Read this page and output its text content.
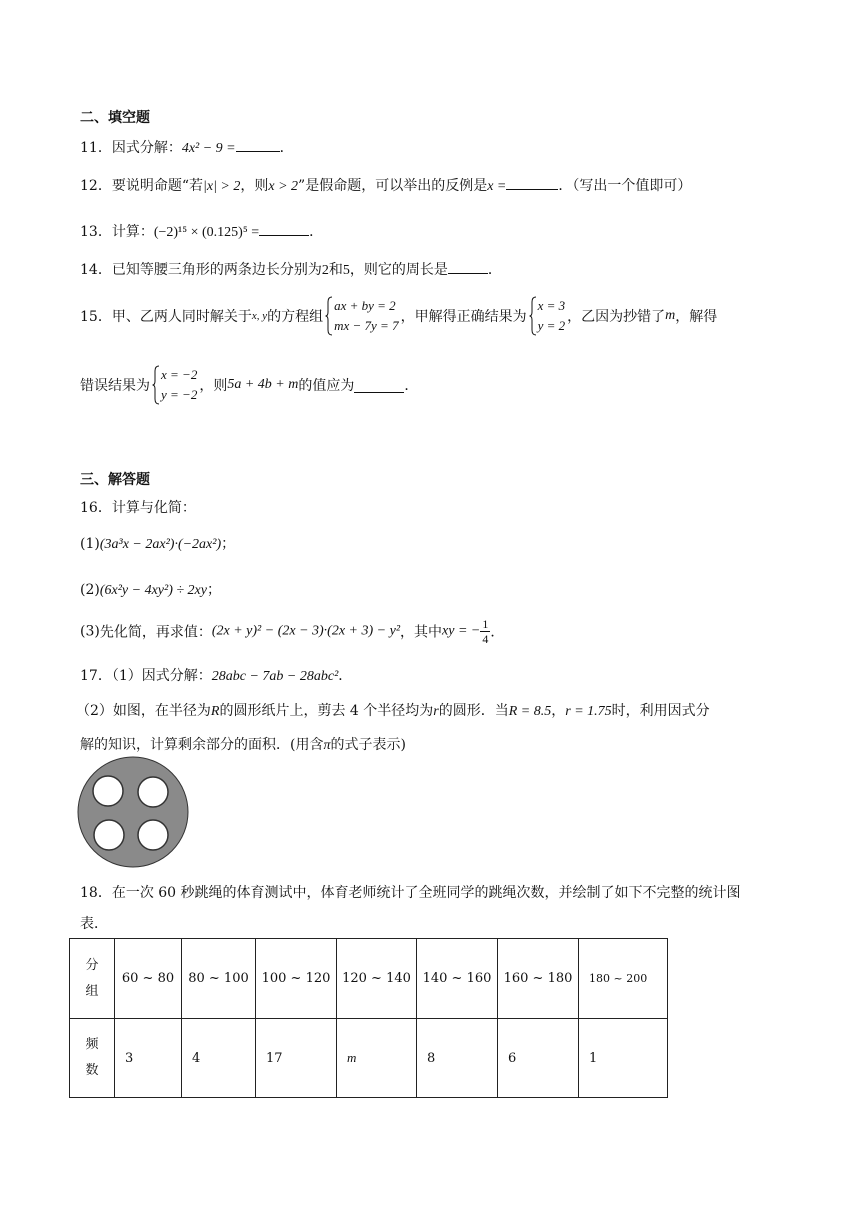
二、填空题
11．因式分解：4x² − 9 =	．
12．要说明命题“若|x| > 2，则x > 2”是假命题，可以举出的反例是x =	．（写出一个值即可）
13．计算：(−2)¹⁵ × (0.125)⁵ =	．
14．已知等腰三角形的两条边长分别为2和5，则它的周长是	．
15．甲、乙两人同时解关于x, y的方程组
ax + by = 2
mx − 7y = 7
，甲解得正确结果为
x = 3
y = 2
，乙因为抄错了m，解得
错误结果为
x = −2
y = −2
，则5a + 4b + m的值应为	．
三、解答题
16．计算与化简：
(1)(3a³x − 2ax²)·(−2ax²)；
(2)(6x²y − 4xy²) ÷ 2xy；
(3)先化简，再求值：(2x + y)² − (2x − 3)·(2x + 3) − y²，其中xy = − $\frac{1}{4}$ ．
17．（1）因式分解：28abc − 7ab − 28abc²．
（2）如图，在半径为R的圆形纸片上，剪去 4 个半径均为r的圆形．当R = 8.5，r = 1.75时，利用因式分
解的知识，计算剩余部分的面积．(用含π的式子表示)
18．在一次 60 秒跳绳的体育测试中，体育老师统计了全班同学的跳绳次数，并绘制了如下不完整的统计图
表．
分
组	60 ~ 80	80 ~ 100	100 ~ 120	120 ~ 140	140 ~ 160	160 ~ 180	180 ~ 200

频
数	3	4	17	m	8	6	1
